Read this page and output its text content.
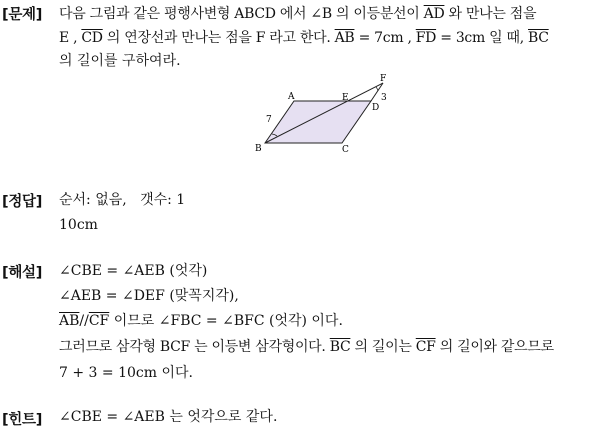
[문제] 다음 그림과 같은 평행사변형 ABCD 에서 ∠B 의 이등분선이 $\overline{AD}$ 와 만나는 점을
E , $\overline{CD}$ 의 연장선과 만나는 점을 F 라고 한다. $\overline{AB} = 7cm$ , $\overline{FD} = 3cm$ 일 때, $\overline{BC}$
의 길이를 구하여라.
A
B	C
D
E
F
7
3
[정답] 순서: 없음,   갯수: 1
10cm
[해설] ∠CBE = ∠AEB (엇각)
∠AEB = ∠DEF (맞꼭지각),
$\overline{AB}//\overline{CF}$ 이므로 ∠FBC = ∠BFC (엇각) 이다.
그러므로 삼각형 BCF 는 이등변 삼각형이다. $\overline{BC}$ 의 길이는 $\overline{CF}$ 의 길이와 같으므로
7 + 3 = 10cm 이다.
[힌트] ∠CBE = ∠AEB 는 엇각으로 같다.
